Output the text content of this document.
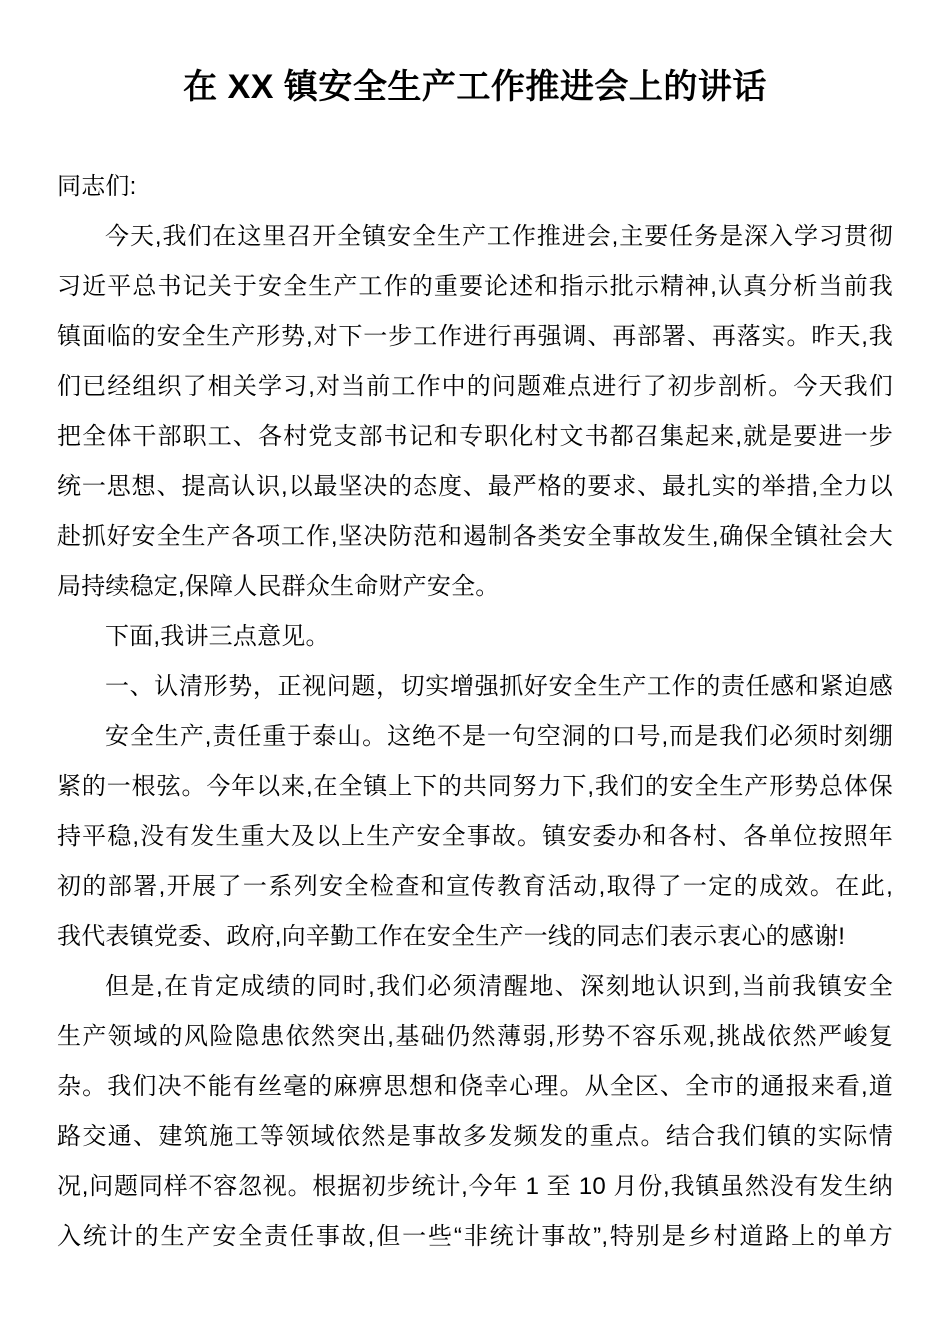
在 XX 镇安全生产工作推进会上的讲话
同志们:
今天,我们在这里召开全镇安全生产工作推进会,主要任务是深入学习贯彻
习近平总书记关于安全生产工作的重要论述和指示批示精神,认真分析当前我
镇面临的安全生产形势,对下一步工作进行再强调、再部署、再落实。昨天,我
们已经组织了相关学习,对当前工作中的问题难点进行了初步剖析。今天我们
把全体干部职工、各村党支部书记和专职化村文书都召集起来,就是要进一步
统一思想、提高认识,以最坚决的态度、最严格的要求、最扎实的举措,全力以
赴抓好安全生产各项工作,坚决防范和遏制各类安全事故发生,确保全镇社会大
局持续稳定,保障人民群众生命财产安全。
下面,我讲三点意见。
一、认清形势，正视问题，切实增强抓好安全生产工作的责任感和紧迫感
安全生产,责任重于泰山。这绝不是一句空洞的口号,而是我们必须时刻绷
紧的一根弦。今年以来,在全镇上下的共同努力下,我们的安全生产形势总体保
持平稳,没有发生重大及以上生产安全事故。镇安委办和各村、各单位按照年
初的部署,开展了一系列安全检查和宣传教育活动,取得了一定的成效。在此,
我代表镇党委、政府,向辛勤工作在安全生产一线的同志们表示衷心的感谢!
但是,在肯定成绩的同时,我们必须清醒地、深刻地认识到,当前我镇安全
生产领域的风险隐患依然突出,基础仍然薄弱,形势不容乐观,挑战依然严峻复
杂。我们决不能有丝毫的麻痹思想和侥幸心理。从全区、全市的通报来看,道
路交通、建筑施工等领域依然是事故多发频发的重点。结合我们镇的实际情
况,问题同样不容忽视。根据初步统计,今年 1 至 10 月份,我镇虽然没有发生纳
入统计的生产安全责任事故,但一些“非统计事故”,特别是乡村道路上的单方
